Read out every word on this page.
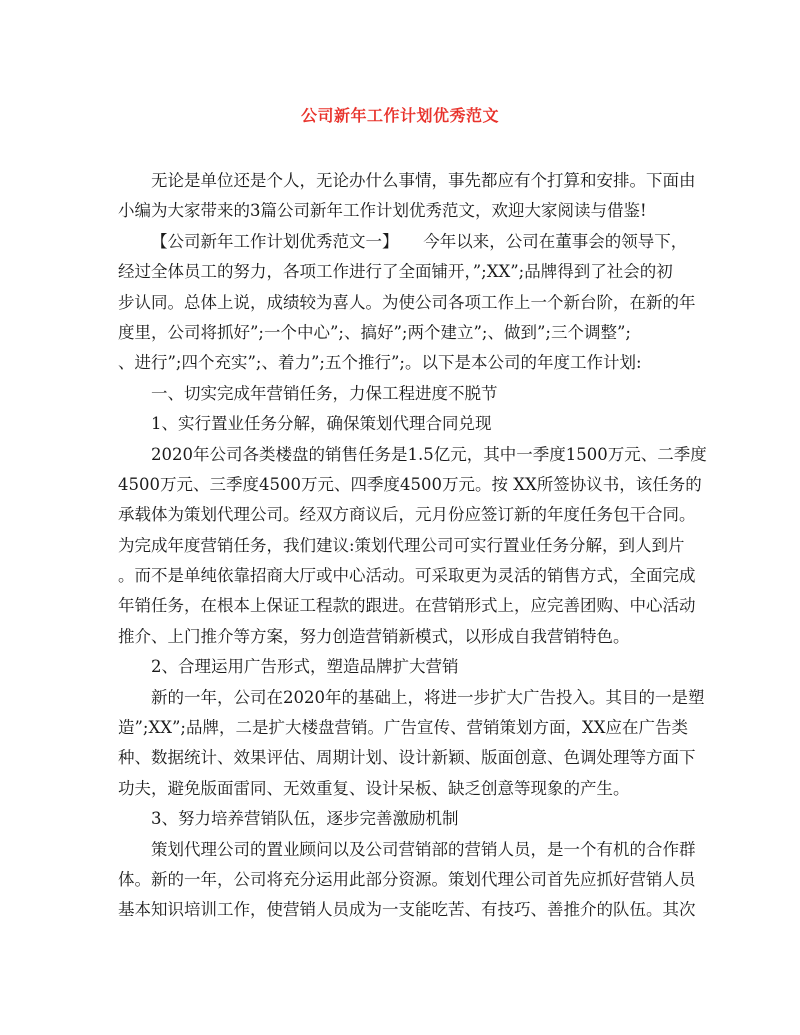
公司新年工作计划优秀范文
无论是单位还是个人，无论办什么事情，事先都应有个打算和安排。下面由
小编为大家带来的3篇公司新年工作计划优秀范文，欢迎大家阅读与借鉴!
【公司新年工作计划优秀范文一】　　今年以来，公司在董事会的领导下，
经过全体员工的努力，各项工作进行了全面铺开，”;XX”;品牌得到了社会的初
步认同。总体上说，成绩较为喜人。为使公司各项工作上一个新台阶，在新的年
度里，公司将抓好”;一个中心”;、搞好”;两个建立”;、做到”;三个调整”;
、进行”;四个充实”;、着力”;五个推行”;。以下是本公司的年度工作计划:
一、切实完成年营销任务，力保工程进度不脱节
1、实行置业任务分解，确保策划代理合同兑现
2020年公司各类楼盘的销售任务是1.5亿元，其中一季度1500万元、二季度
4500万元、三季度4500万元、四季度4500万元。按 XX所签协议书，该任务的
承载体为策划代理公司。经双方商议后，元月份应签订新的年度任务包干合同。
为完成年度营销任务，我们建议:策划代理公司可实行置业任务分解，到人到片
。而不是单纯依靠招商大厅或中心活动。可采取更为灵活的销售方式，全面完成
年销任务，在根本上保证工程款的跟进。在营销形式上，应完善团购、中心活动
推介、上门推介等方案，努力创造营销新模式，以形成自我营销特色。
2、合理运用广告形式，塑造品牌扩大营销
新的一年，公司在2020年的基础上，将进一步扩大广告投入。其目的一是塑
造”;XX”;品牌，二是扩大楼盘营销。广告宣传、营销策划方面，XX应在广告类
种、数据统计、效果评估、周期计划、设计新颖、版面创意、色调处理等方面下
功夫，避免版面雷同、无效重复、设计呆板、缺乏创意等现象的产生。
3、努力培养营销队伍，逐步完善激励机制
策划代理公司的置业顾问以及公司营销部的营销人员，是一个有机的合作群
体。新的一年，公司将充分运用此部分资源。策划代理公司首先应抓好营销人员
基本知识培训工作，使营销人员成为一支能吃苦、有技巧、善推介的队伍。其次
